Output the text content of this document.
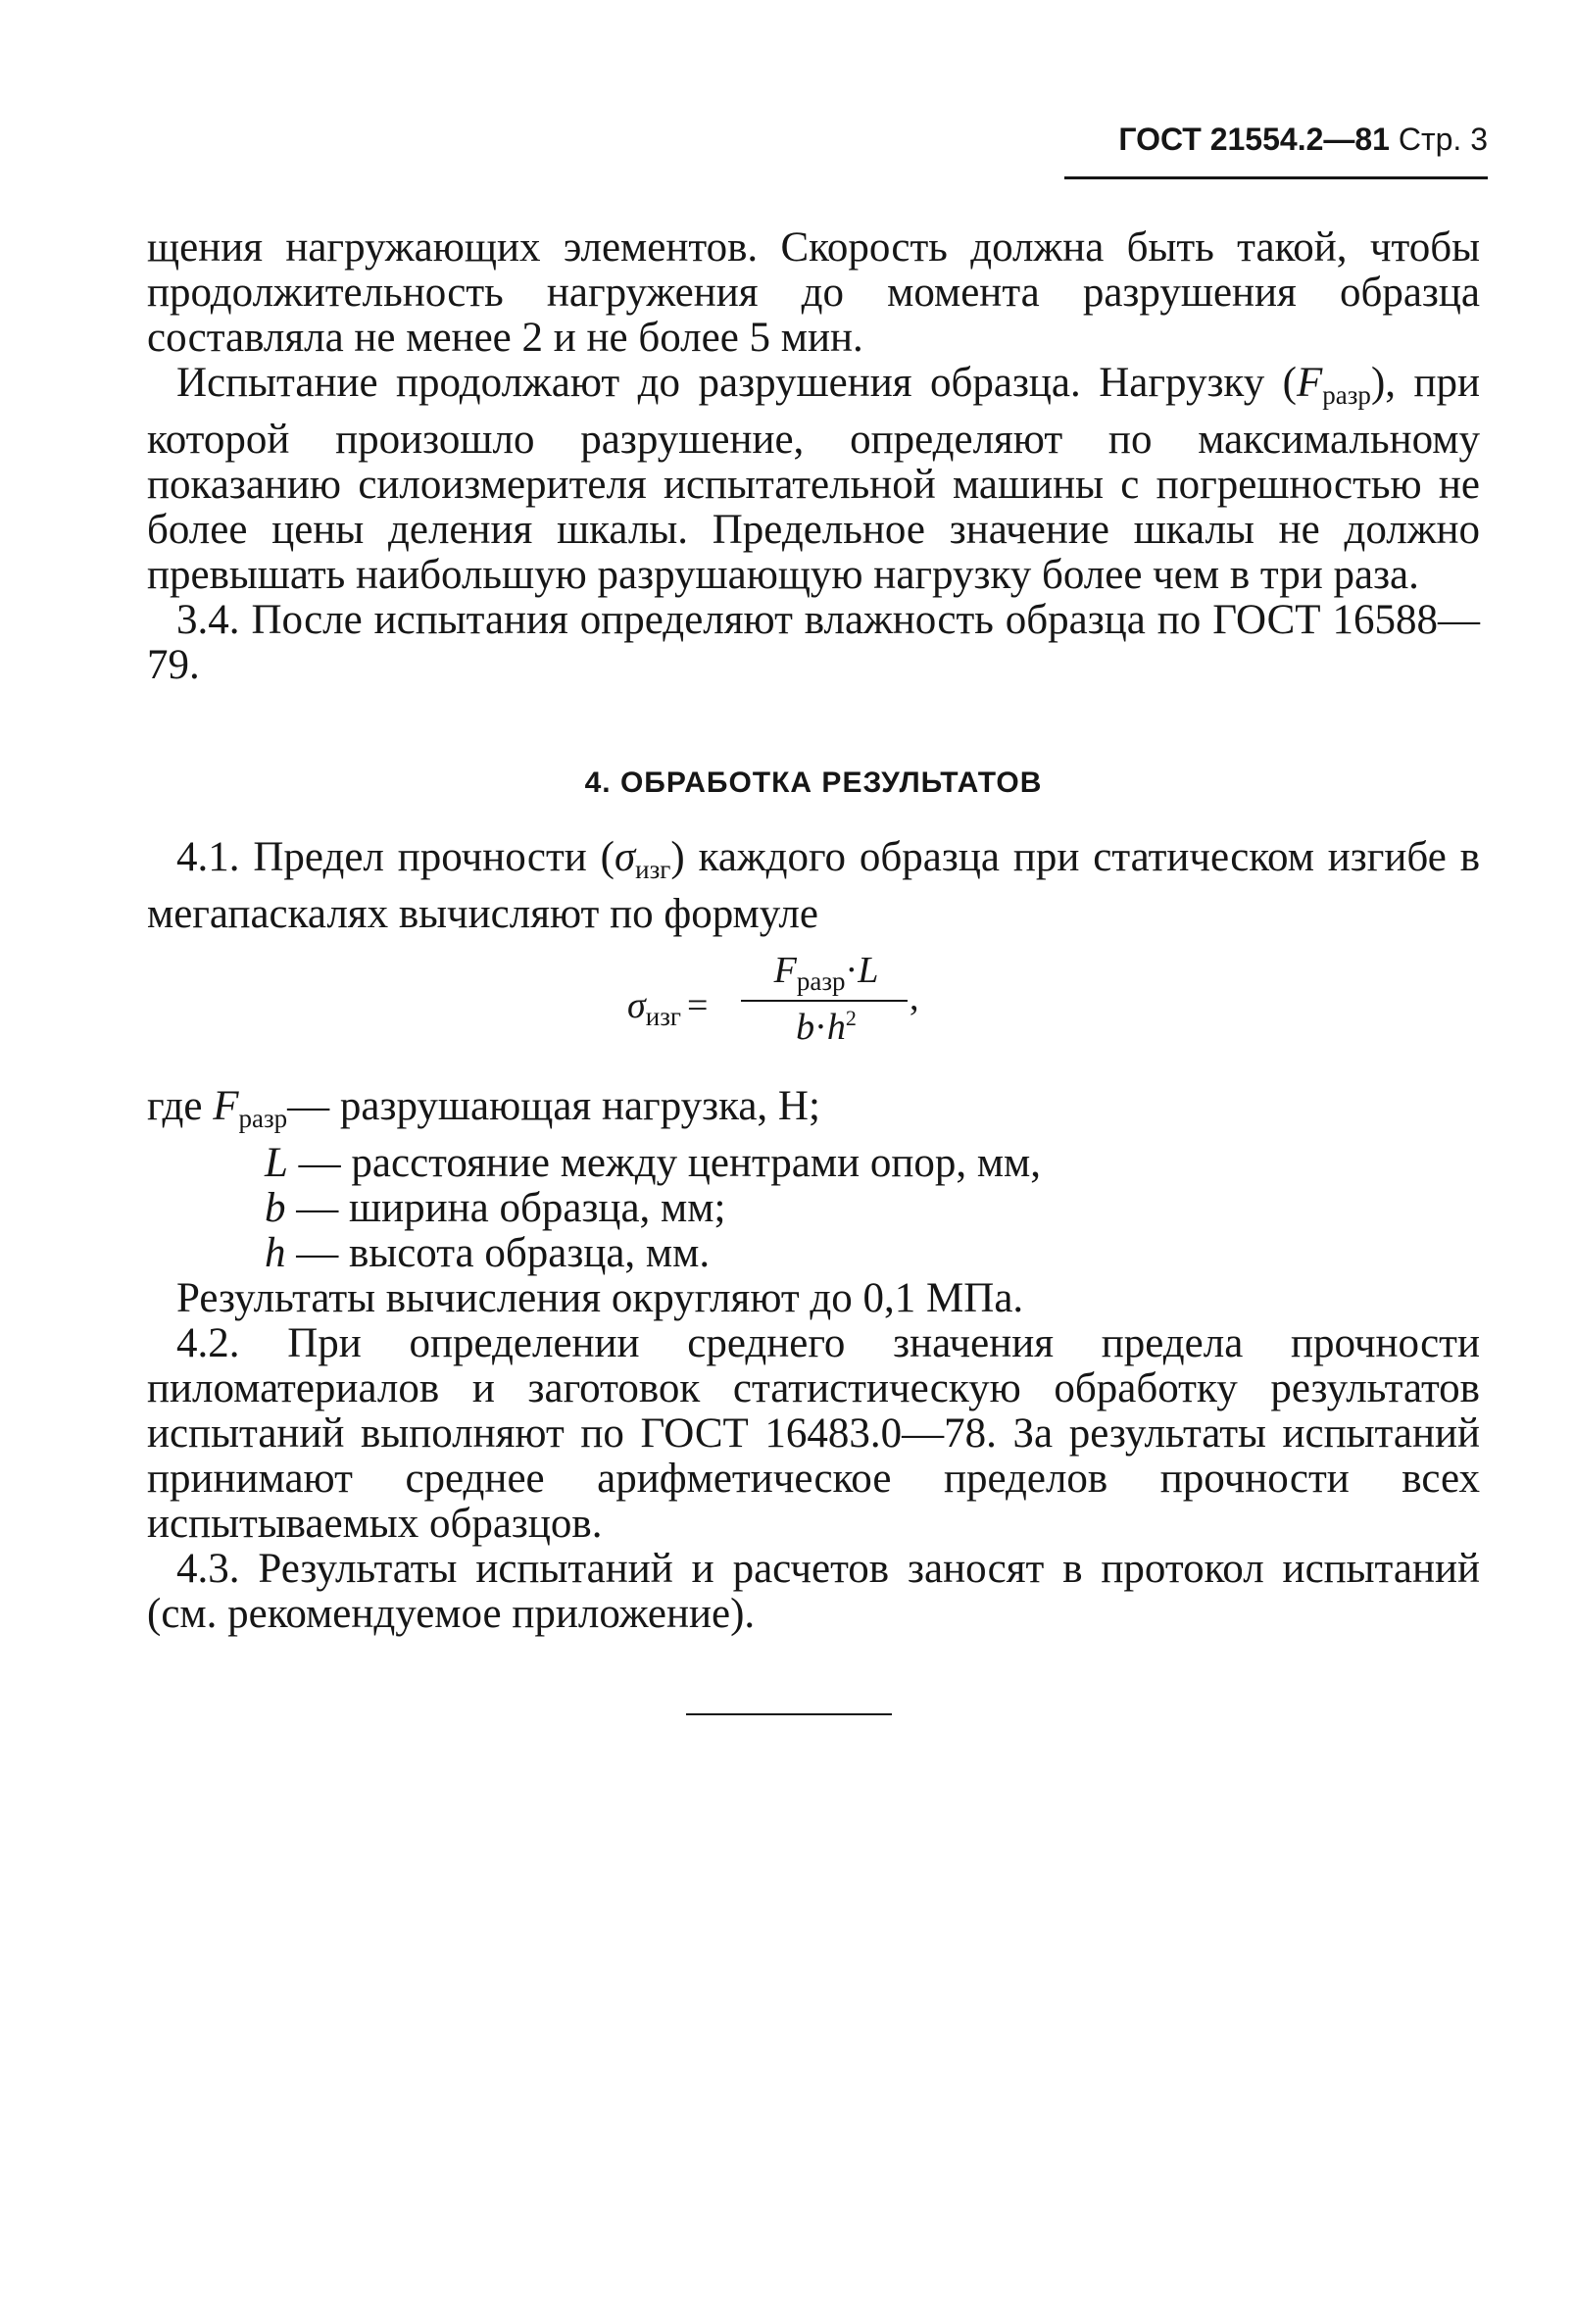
ГОСТ 21554.2—81 Стр. 3

щения нагружающих элементов. Скорость должна быть такой, чтобы продолжительность нагружения до момента разрушения образца составляла не менее 2 и не более 5 мин.

Испытание продолжают до разрушения образца. Нагрузку $(F_{разр})$, при которой произошло разрушение, определяют по максимальному показанию силоизмерителя испытательной машины с погрешностью не более цены деления шкалы. Предельное значение шкалы не должно превышать наибольшую разрушающую нагрузку более чем в три раза.

3.4. После испытания определяют влажность образца по ГОСТ 16588—79.

4. ОБРАБОТКА РЕЗУЛЬТАТОВ

4.1. Предел прочности $(\sigma_{изг})$ каждого образца при статическом изгибе в мегапаскалях вычисляют по формуле

$\sigma_{изг}$ =
$F_{разр}\cdot L$
$b\cdot h^2$	,
где $F_{разр}—$ разрушающая нагрузка, Н;
L — расстояние между центрами опор, мм,
b — ширина образца, мм;
h — высота образца, мм.

Результаты вычисления округляют до 0,1 МПа.

4.2. При определении среднего значения предела прочности пиломатериалов и заготовок статистическую обработку результатов испытаний выполняют по ГОСТ 16483.0—78. За результаты испытаний принимают среднее арифметическое пределов прочности всех испытываемых образцов.

4.3. Результаты испытаний и расчетов заносят в протокол испытаний (см. рекомендуемое приложение).
